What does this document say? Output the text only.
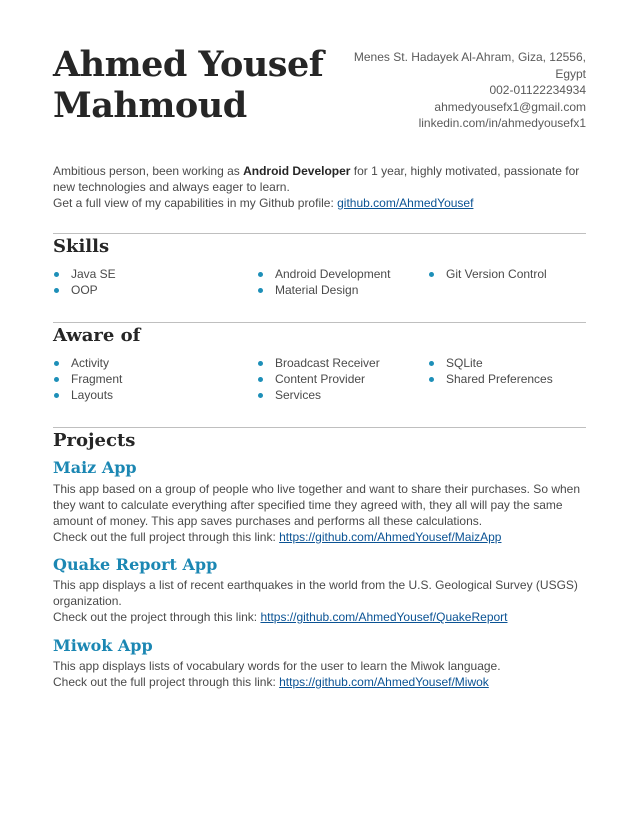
Ahmed Yousef
Mahmoud
Menes St. Hadayek Al-Ahram, Giza, 12556,
Egypt
002-01122234934
ahmedyousefx1@gmail.com
linkedin.com/in/ahmedyousefx1
Ambitious person, been working as Android Developer for 1 year, highly motivated, passionate for new technologies and always eager to learn.
Get a full view of my capabilities in my Github profile: github.com/AhmedYousef
Skills
Java SE
OOP
Android Development
Material Design
Git Version Control
Aware of
Activity
Fragment
Layouts
Broadcast Receiver
Content Provider
Services
SQLite
Shared Preferences
Projects
Maiz App
This app based on a group of people who live together and want to share their purchases. So when they want to calculate everything after specified time they agreed with, they all will pay the same amount of money. This app saves purchases and performs all these calculations.
Check out the full project through this link: https://github.com/AhmedYousef/MaizApp
Quake Report App
This app displays a list of recent earthquakes in the world from the U.S. Geological Survey (USGS) organization.
Check out the project through this link: https://github.com/AhmedYousef/QuakeReport
Miwok App
This app displays lists of vocabulary words for the user to learn the Miwok language.
Check out the full project through this link: https://github.com/AhmedYousef/Miwok
